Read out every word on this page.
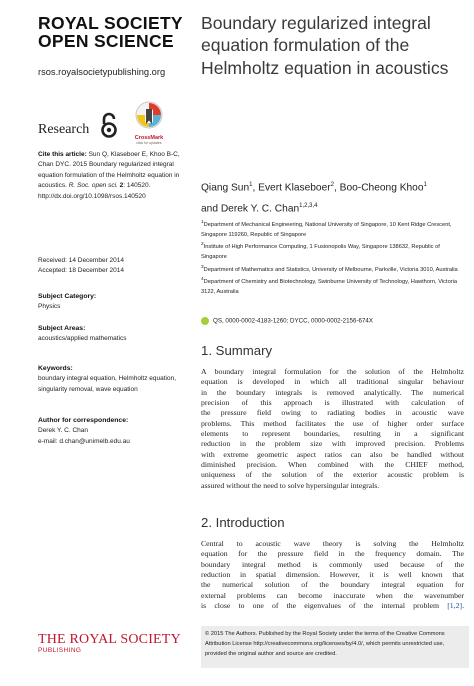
ROYAL SOCIETY
OPEN SCIENCE
rsos.royalsocietypublishing.org
Research
CrossMark
click for updates
Cite this article: Sun Q, Klaseboer E, Khoo B-C, Chan DYC. 2015 Boundary regularized integral equation formulation of the Helmholtz equation in acoustics. R. Soc. open sci. 2: 140520.
http://dx.doi.org/10.1098/rsos.140520
Received: 14 December 2014
Accepted: 18 December 2014
Subject Category:
Physics
Subject Areas:
acoustics/applied mathematics
Keywords:
boundary integral equation, Helmholtz equation, singularity removal, wave equation
Author for correspondence:
Derek Y. C. Chan
e-mail: d.chan@unimelb.edu.au
THE ROYAL SOCIETY
PUBLISHING
Boundary regularized integral equation formulation of the Helmholtz equation in acoustics
Qiang Sun$^1$, Evert Klaseboer$^2$, Boo-Cheong Khoo$^1$
and Derek Y. C. Chan$^{1,2,3,4}$
$^1$Department of Mechanical Engineering, National University of Singapore, 10 Kent Ridge Crescent, Singapore 119260, Republic of Singapore
$^2$Institute of High Performance Computing, 1 Fusionopolis Way, Singapore 138632, Republic of Singapore
$^3$Department of Mathematics and Statistics, University of Melbourne, Parkville, Victoria 3010, Australia
$^4$Department of Chemistry and Biotechnology, Swinburne University of Technology, Hawthorn, Victoria 3122, Australia
QS, 0000-0002-4183-1260; DYCC, 0000-0002-2156-674X
1. Summary
A boundary integral formulation for the solution of the Helmholtz
equation is developed in which all traditional singular behaviour
in the boundary integrals is removed analytically. The numerical
precision of this approach is illustrated with calculation of
the pressure field owing to radiating bodies in acoustic wave
problems. This method facilitates the use of higher order surface
elements to represent boundaries, resulting in a significant
reduction in the problem size with improved precision. Problems
with extreme geometric aspect ratios can also be handled without
diminished precision. When combined with the CHIEF method,
uniqueness of the solution of the exterior acoustic problem is
assured without the need to solve hypersingular integrals.
2. Introduction
Central to acoustic wave theory is solving the Helmholtz
equation for the pressure field in the frequency domain. The
boundary integral method is commonly used because of the
reduction in spatial dimension. However, it is well known that
the numerical solution of the boundary integral equation for
external problems can become inaccurate when the wavenumber
is close to one of the eigenvalues of the internal problem [1,2].
© 2015 The Authors. Published by the Royal Society under the terms of the Creative Commons Attribution License http://creativecommons.org/licenses/by/4.0/, which permits unrestricted use, provided the original author and source are credited.
